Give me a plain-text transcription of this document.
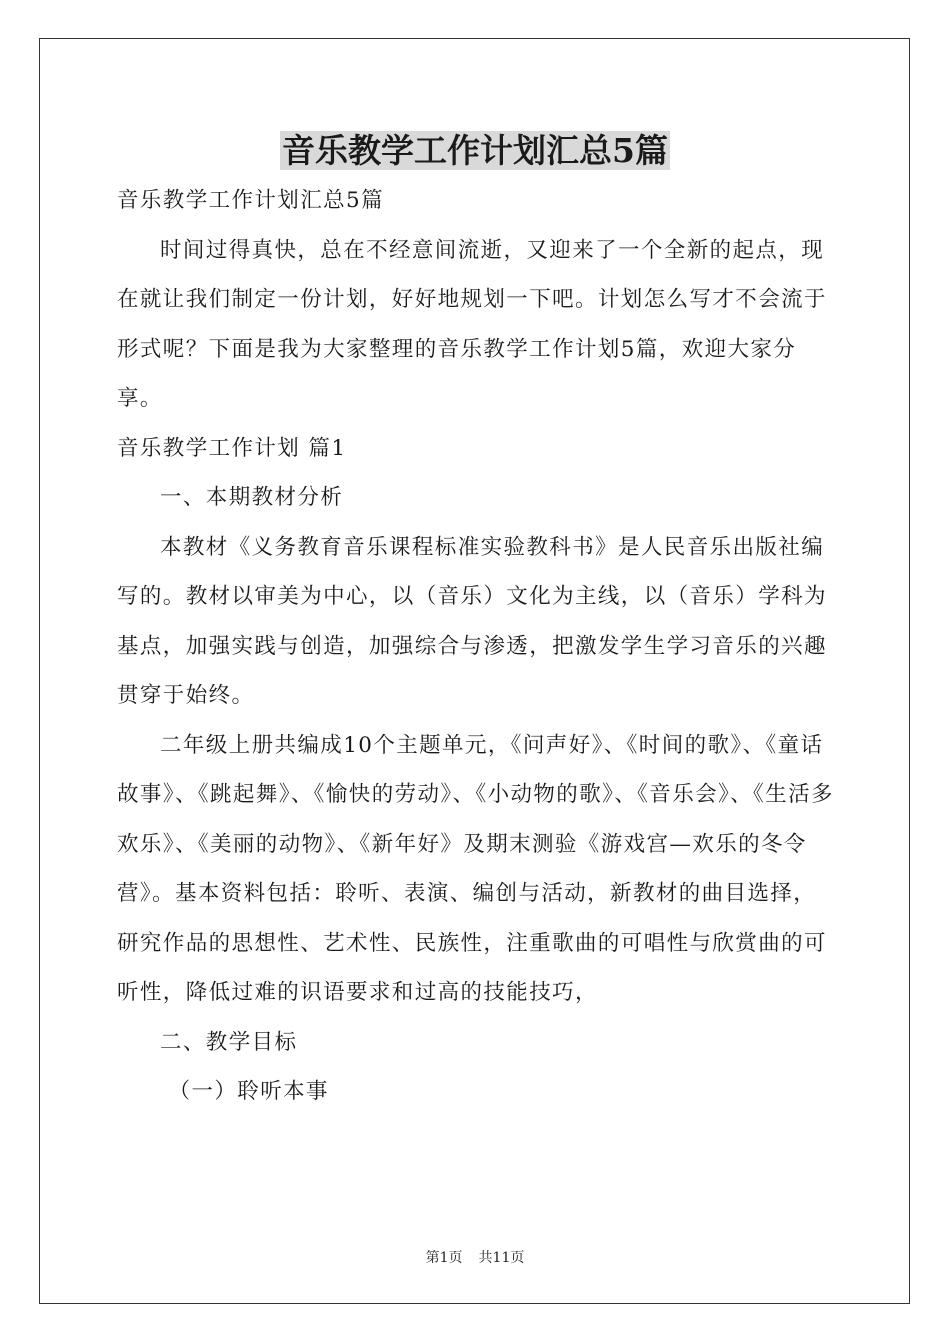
音乐教学工作计划汇总5篇

音乐教学工作计划汇总5篇

时间过得真快，总在不经意间流逝，又迎来了一个全新的起点，现在就让我们制定一份计划，好好地规划一下吧。计划怎么写才不会流于形式呢？下面是我为大家整理的音乐教学工作计划5篇，欢迎大家分享。

音乐教学工作计划 篇1

一、本期教材分析

本教材《义务教育音乐课程标准实验教科书》是人民音乐出版社编写的。教材以审美为中心，以（音乐）文化为主线，以（音乐）学科为基点，加强实践与创造，加强综合与渗透，把激发学生学习音乐的兴趣贯穿于始终。

二年级上册共编成10个主题单元，《问声好》、《时间的歌》、《童话故事》、《跳起舞》、《愉快的劳动》、《小动物的歌》、《音乐会》、《生活多欢乐》、《美丽的动物》、《新年好》及期末测验《游戏宫—欢乐的冬令营》。基本资料包括：聆听、表演、编创与活动，新教材的曲目选择，研究作品的思想性、艺术性、民族性，注重歌曲的可唱性与欣赏曲的可听性，降低过难的识语要求和过高的技能技巧，

二、教学目标

（一）聆听本事

第1页 共11页
